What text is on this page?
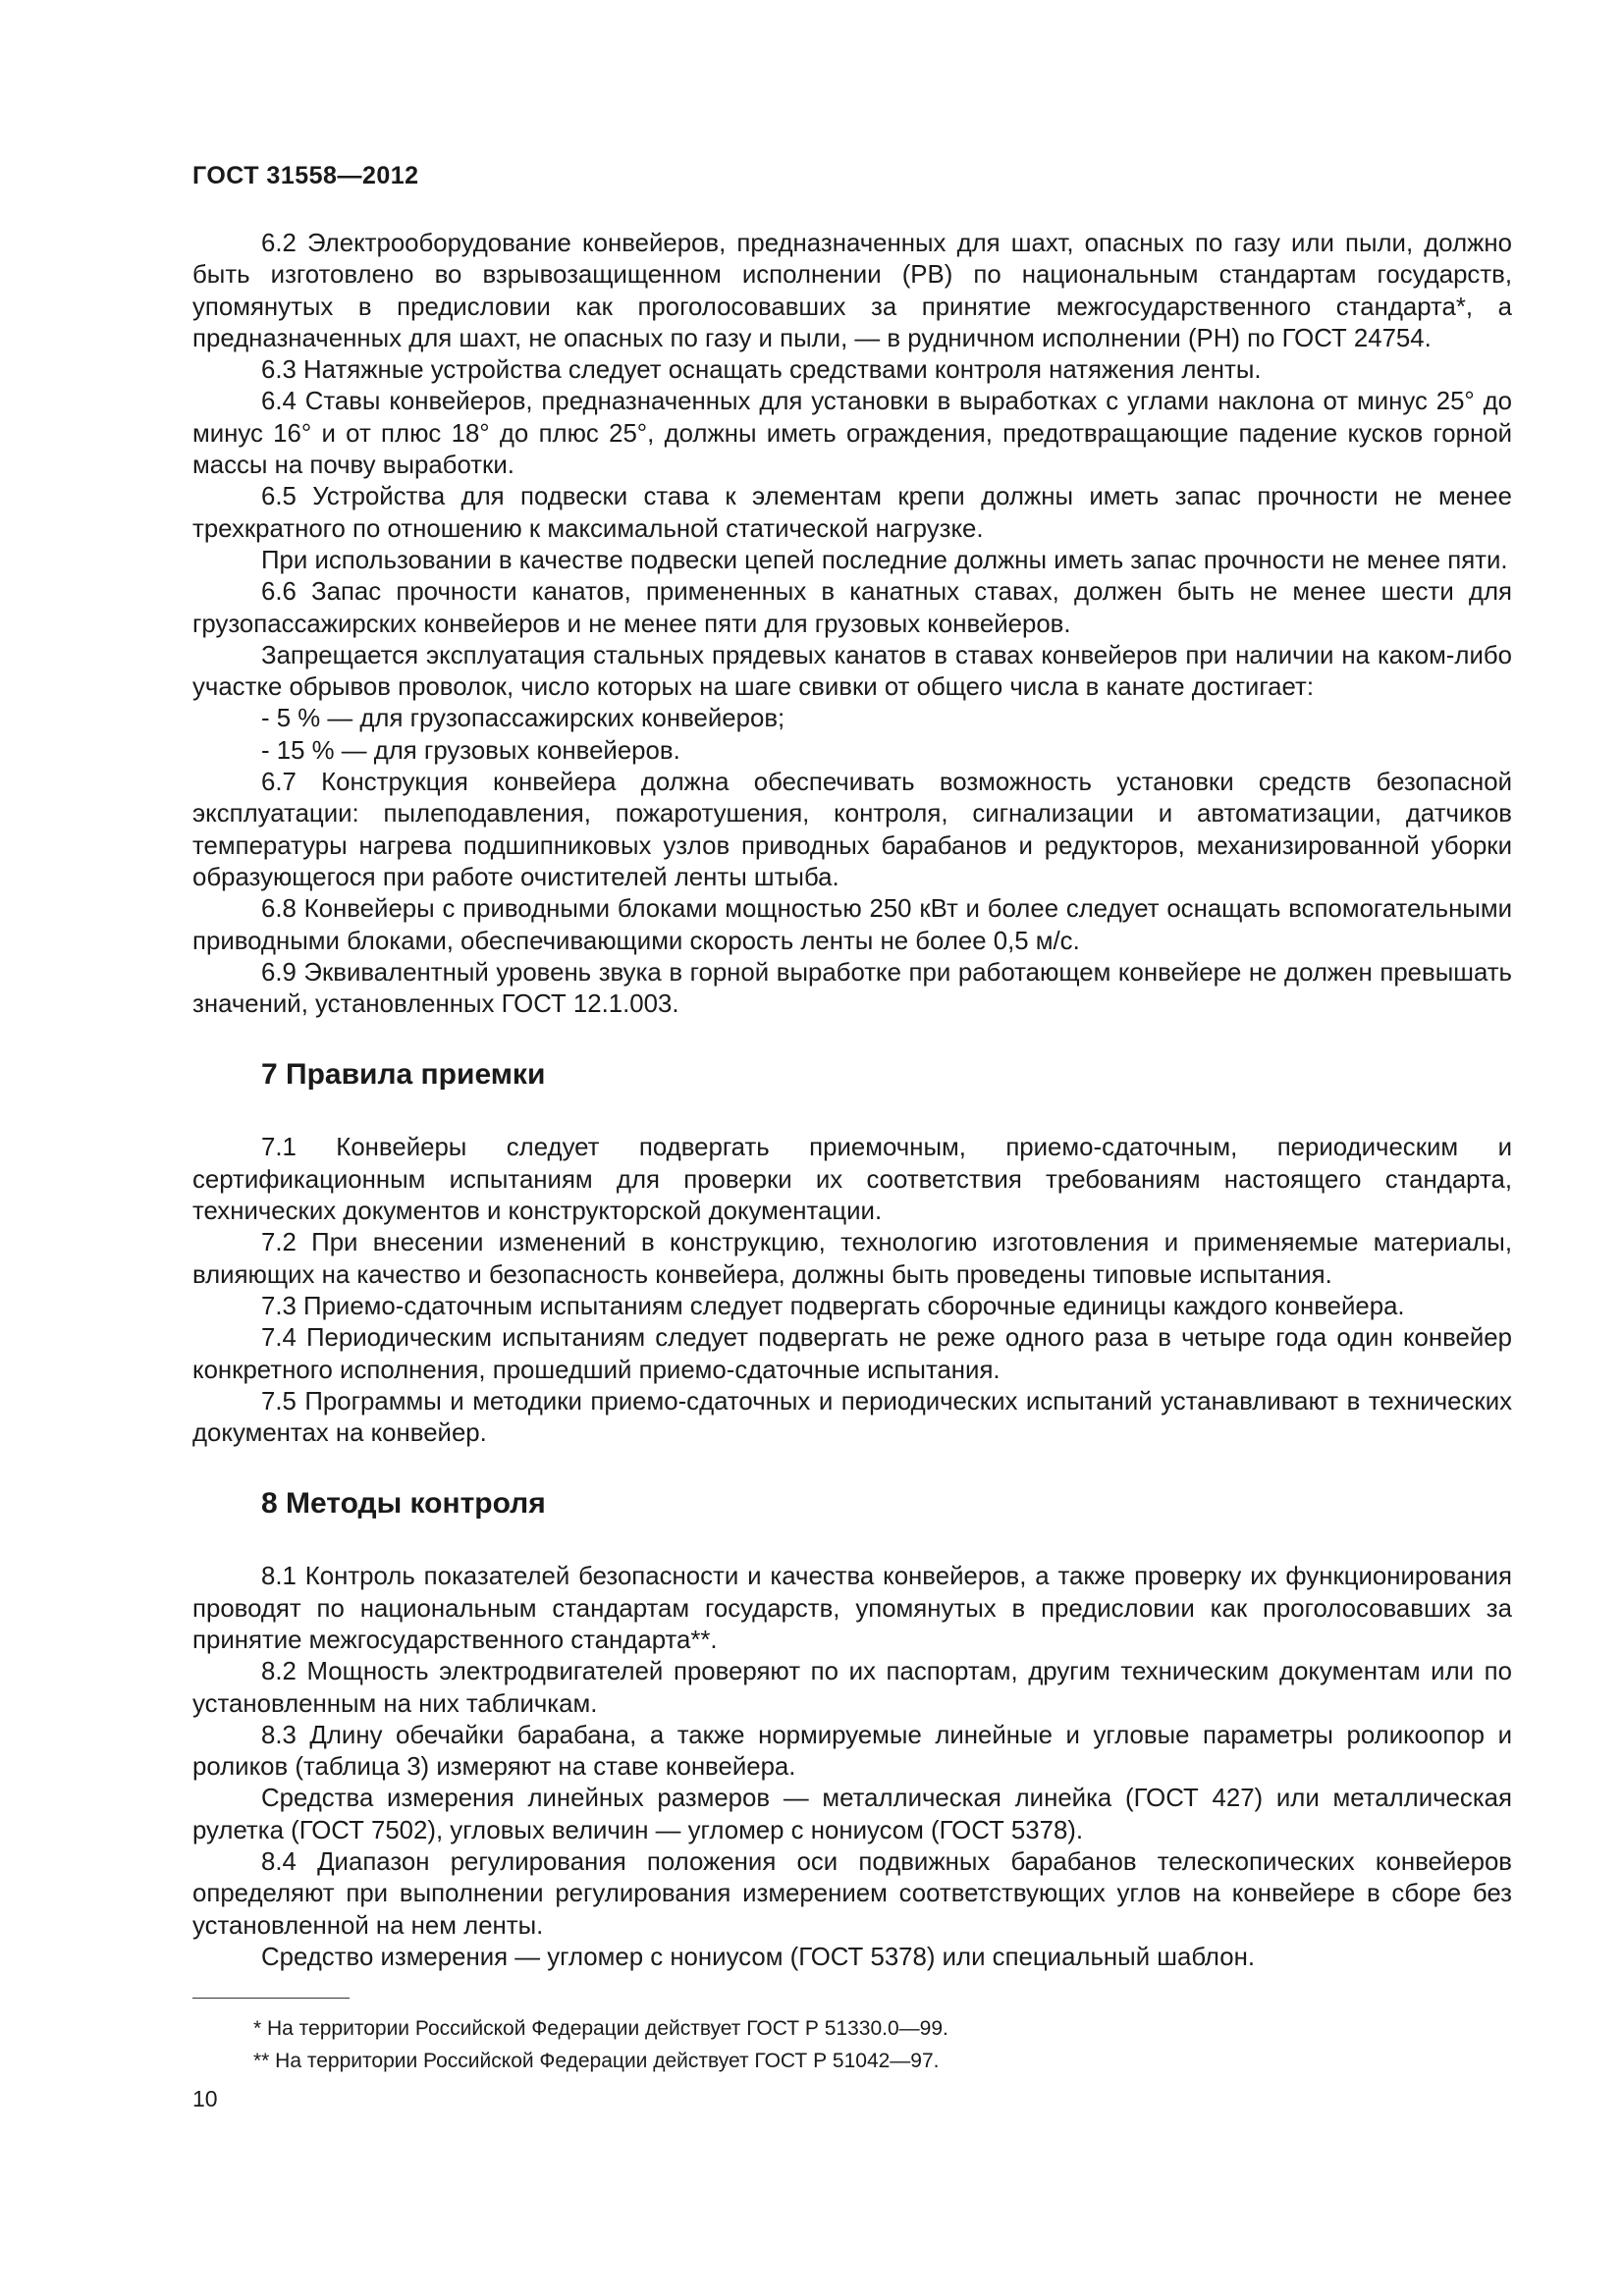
ГОСТ 31558—2012

6.2 Электрооборудование конвейеров, предназначенных для шахт, опасных по газу или пыли, должно быть изготовлено во взрывозащищенном исполнении (РВ) по национальным стандартам государств, упомянутых в предисловии как проголосовавших за принятие межгосударственного стандарта*, а предназначенных для шахт, не опасных по газу и пыли, — в рудничном исполнении (РН) по ГОСТ 24754.

6.3 Натяжные устройства следует оснащать средствами контроля натяжения ленты.

6.4 Ставы конвейеров, предназначенных для установки в выработках с углами наклона от минус 25° до минус 16° и от плюс 18° до плюс 25°, должны иметь ограждения, предотвращающие падение кусков горной массы на почву выработки.

6.5 Устройства для подвески става к элементам крепи должны иметь запас прочности не менее трехкратного по отношению к максимальной статической нагрузке.

При использовании в качестве подвески цепей последние должны иметь запас прочности не менее пяти.

6.6 Запас прочности канатов, примененных в канатных ставах, должен быть не менее шести для грузопассажирских конвейеров и не менее пяти для грузовых конвейеров.

Запрещается эксплуатация стальных прядевых канатов в ставах конвейеров при наличии на каком-либо участке обрывов проволок, число которых на шаге свивки от общего числа в канате достигает:

- 5 % — для грузопассажирских конвейеров;

- 15 % — для грузовых конвейеров.

6.7 Конструкция конвейера должна обеспечивать возможность установки средств безопасной эксплуатации: пылеподавления, пожаротушения, контроля, сигнализации и автоматизации, датчиков температуры нагрева подшипниковых узлов приводных барабанов и редукторов, механизированной уборки образующегося при работе очистителей ленты штыба.

6.8 Конвейеры с приводными блоками мощностью 250 кВт и более следует оснащать вспомогательными приводными блоками, обеспечивающими скорость ленты не более 0,5 м/с.

6.9 Эквивалентный уровень звука в горной выработке при работающем конвейере не должен превышать значений, установленных ГОСТ 12.1.003.

7 Правила приемки

7.1 Конвейеры следует подвергать приемочным, приемо-сдаточным, периодическим и сертификационным испытаниям для проверки их соответствия требованиям настоящего стандарта, технических документов и конструкторской документации.

7.2 При внесении изменений в конструкцию, технологию изготовления и применяемые материалы, влияющих на качество и безопасность конвейера, должны быть проведены типовые испытания.

7.3 Приемо-сдаточным испытаниям следует подвергать сборочные единицы каждого конвейера.

7.4 Периодическим испытаниям следует подвергать не реже одного раза в четыре года один конвейер конкретного исполнения, прошедший приемо-сдаточные испытания.

7.5 Программы и методики приемо-сдаточных и периодических испытаний устанавливают в технических документах на конвейер.

8 Методы контроля

8.1 Контроль показателей безопасности и качества конвейеров, а также проверку их функционирования проводят по национальным стандартам государств, упомянутых в предисловии как проголосовавших за принятие межгосударственного стандарта**.

8.2 Мощность электродвигателей проверяют по их паспортам, другим техническим документам или по установленным на них табличкам.

8.3 Длину обечайки барабана, а также нормируемые линейные и угловые параметры роликоопор и роликов (таблица 3) измеряют на ставе конвейера.

Средства измерения линейных размеров — металлическая линейка (ГОСТ 427) или металлическая рулетка (ГОСТ 7502), угловых величин — угломер с нониусом (ГОСТ 5378).

8.4 Диапазон регулирования положения оси подвижных барабанов телескопических конвейеров определяют при выполнении регулирования измерением соответствующих углов на конвейере в сборе без установленной на нем ленты.

Средство измерения — угломер с нониусом (ГОСТ 5378) или специальный шаблон.

* На территории Российской Федерации действует ГОСТ Р 51330.0—99.

** На территории Российской Федерации действует ГОСТ Р 51042—97.

10
